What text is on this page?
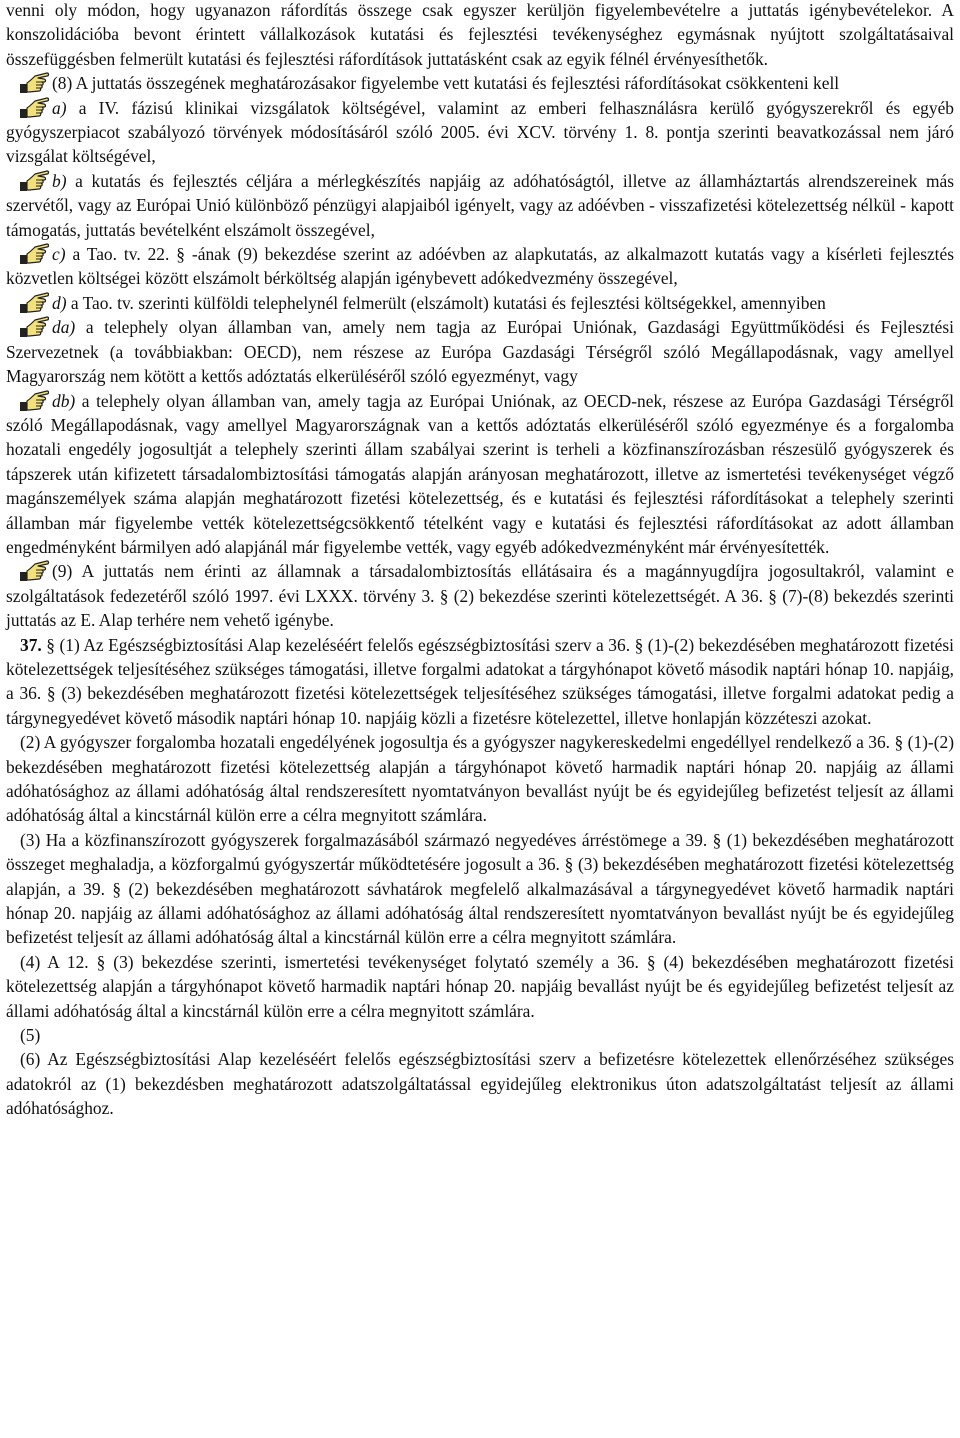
venni oly módon, hogy ugyanazon ráfordítás összege csak egyszer kerüljön figyelembevételre a juttatás igénybevételekor. A konszolidációba bevont érintett vállalkozások kutatási és fejlesztési tevékenységhez egymásnak nyújtott szolgáltatásaival összefüggésben felmerült kutatási és fejlesztési ráfordítások juttatásként csak az egyik félnél érvényesíthetők.

(8) A juttatás összegének meghatározásakor figyelembe vett kutatási és fejlesztési ráfordításokat csökkenteni kell

a) a IV. fázisú klinikai vizsgálatok költségével, valamint az emberi felhasználásra kerülő gyógyszerekről és egyéb gyógyszerpiacot szabályozó törvények módosításáról szóló 2005. évi XCV. törvény 1. 8. pontja szerinti beavatkozással nem járó vizsgálat költségével,

b) a kutatás és fejlesztés céljára a mérlegkészítés napjáig az adóhatóságtól, illetve az államháztartás alrendszereinek más szervétől, vagy az Európai Unió különböző pénzügyi alapjaiból igényelt, vagy az adóévben - visszafizetési kötelezettség nélkül - kapott támogatás, juttatás bevételként elszámolt összegével,

c) a Tao. tv. 22. § -ának (9) bekezdése szerint az adóévben az alapkutatás, az alkalmazott kutatás vagy a kísérleti fejlesztés közvetlen költségei között elszámolt bérköltség alapján igénybevett adókedvezmény összegével,

d) a Tao. tv. szerinti külföldi telephelynél felmerült (elszámolt) kutatási és fejlesztési költségekkel, amennyiben

da) a telephely olyan államban van, amely nem tagja az Európai Uniónak, Gazdasági Együttműködési és Fejlesztési Szervezetnek (a továbbiakban: OECD), nem részese az Európa Gazdasági Térségről szóló Megállapodásnak, vagy amellyel Magyarország nem kötött a kettős adóztatás elkerüléséről szóló egyezményt, vagy

db) a telephely olyan államban van, amely tagja az Európai Uniónak, az OECD-nek, részese az Európa Gazdasági Térségről szóló Megállapodásnak, vagy amellyel Magyarországnak van a kettős adóztatás elkerüléséről szóló egyezménye és a forgalomba hozatali engedély jogosultját a telephely szerinti állam szabályai szerint is terheli a közfinanszírozásban részesülő gyógyszerek és tápszerek után kifizetett társadalombiztosítási támogatás alapján arányosan meghatározott, illetve az ismertetési tevékenységet végző magánszemélyek száma alapján meghatározott fizetési kötelezettség, és e kutatási és fejlesztési ráfordításokat a telephely szerinti államban már figyelembe vették kötelezettségcsökkentő tételként vagy e kutatási és fejlesztési ráfordításokat az adott államban engedményként bármilyen adó alapjánál már figyelembe vették, vagy egyéb adókedvezményként már érvényesítették.

(9) A juttatás nem érinti az államnak a társadalombiztosítás ellátásaira és a magánnyugdíjra jogosultakról, valamint e szolgáltatások fedezetéről szóló 1997. évi LXXX. törvény 3. § (2) bekezdése szerinti kötelezettségét. A 36. § (7)-(8) bekezdés szerinti juttatás az E. Alap terhére nem vehető igénybe.

37. § (1) Az Egészségbiztosítási Alap kezeléséért felelős egészségbiztosítási szerv a 36. § (1)-(2) bekezdésében meghatározott fizetési kötelezettségek teljesítéséhez szükséges támogatási, illetve forgalmi adatokat a tárgyhónapot követő második naptári hónap 10. napjáig, a 36. § (3) bekezdésében meghatározott fizetési kötelezettségek teljesítéséhez szükséges támogatási, illetve forgalmi adatokat pedig a tárgynegyedévet követő második naptári hónap 10. napjáig közli a fizetésre kötelezettel, illetve honlapján közzéteszi azokat.

(2) A gyógyszer forgalomba hozatali engedélyének jogosultja és a gyógyszer nagykereskedelmi engedéllyel rendelkező a 36. § (1)-(2) bekezdésében meghatározott fizetési kötelezettség alapján a tárgyhónapot követő harmadik naptári hónap 20. napjáig az állami adóhatósághoz az állami adóhatóság által rendszeresített nyomtatványon bevallást nyújt be és egyidejűleg befizetést teljesít az állami adóhatóság által a kincstárnál külön erre a célra megnyitott számlára.

(3) Ha a közfinanszírozott gyógyszerek forgalmazásából származó negyedéves árréstömege a 39. § (1) bekezdésében meghatározott összeget meghaladja, a közforgalmú gyógyszertár működtetésére jogosult a 36. § (3) bekezdésében meghatározott fizetési kötelezettség alapján, a 39. § (2) bekezdésében meghatározott sávhatárok megfelelő alkalmazásával a tárgynegyedévet követő harmadik naptári hónap 20. napjáig az állami adóhatósághoz az állami adóhatóság által rendszeresített nyomtatványon bevallást nyújt be és egyidejűleg befizetést teljesít az állami adóhatóság által a kincstárnál külön erre a célra megnyitott számlára.

(4) A 12. § (3) bekezdése szerinti, ismertetési tevékenységet folytató személy a 36. § (4) bekezdésében meghatározott fizetési kötelezettség alapján a tárgyhónapot követő harmadik naptári hónap 20. napjáig bevallást nyújt be és egyidejűleg befizetést teljesít az állami adóhatóság által a kincstárnál külön erre a célra megnyitott számlára.

(5)

(6) Az Egészségbiztosítási Alap kezeléséért felelős egészségbiztosítási szerv a befizetésre kötelezettek ellenőrzéséhez szükséges adatokról az (1) bekezdésben meghatározott adatszolgáltatással egyidejűleg elektronikus úton adatszolgáltatást teljesít az állami adóhatósághoz.
